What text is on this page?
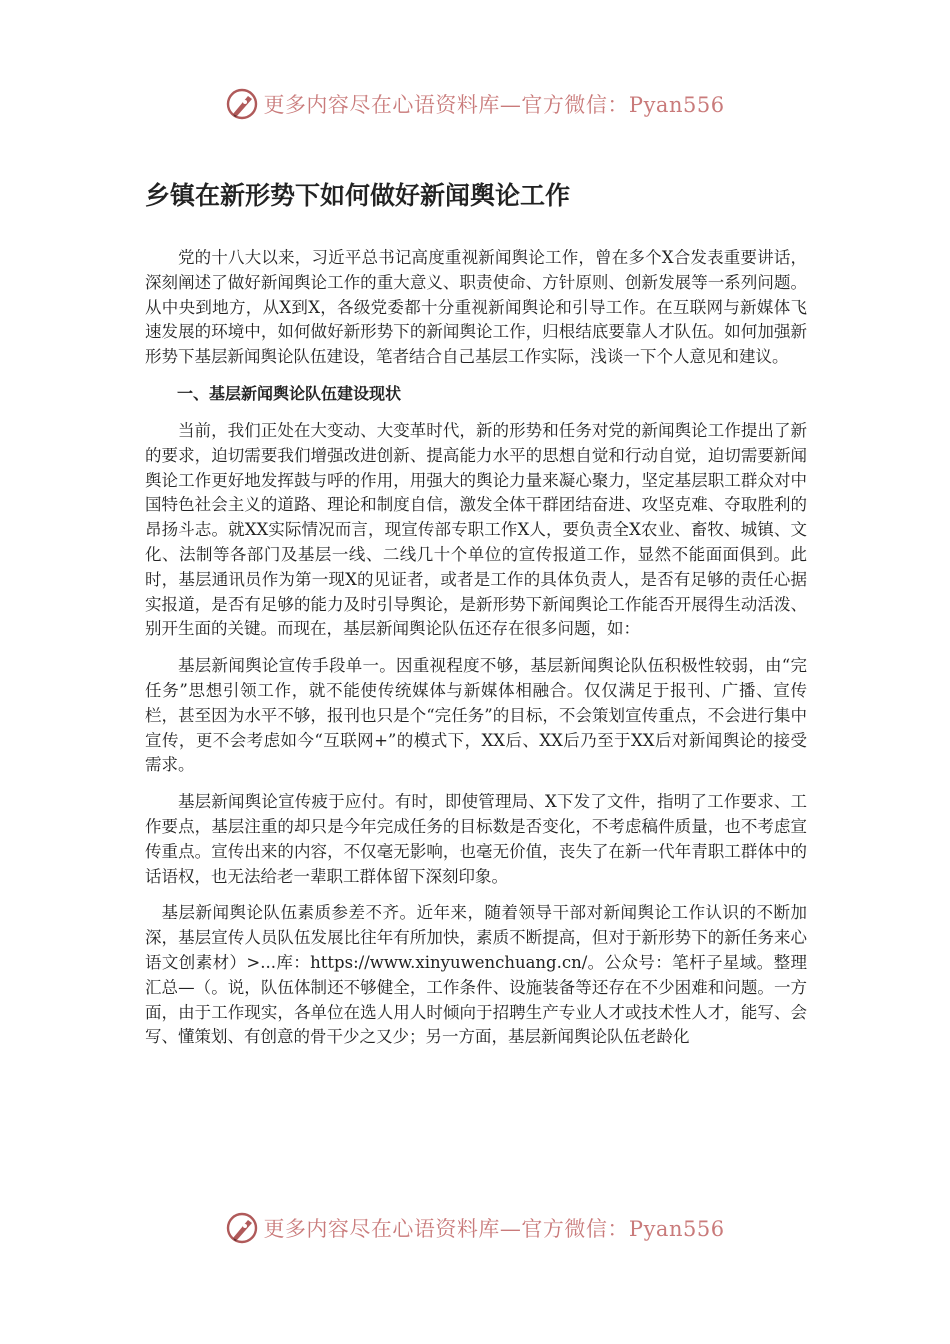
更多内容尽在心语资料库—官方微信：Pyan556
乡镇在新形势下如何做好新闻舆论工作

党的十八大以来，习近平总书记高度重视新闻舆论工作，曾在多个X合发表重要讲话，深刻阐述了做好新闻舆论工作的重大意义、职责使命、方针原则、创新发展等一系列问题。从中央到地方，从X到X，各级党委都十分重视新闻舆论和引导工作。在互联网与新媒体飞速发展的环境中，如何做好新形势下的新闻舆论工作，归根结底要靠人才队伍。如何加强新形势下基层新闻舆论队伍建设，笔者结合自己基层工作实际，浅谈一下个人意见和建议。

一、基层新闻舆论队伍建设现状

当前，我们正处在大变动、大变革时代，新的形势和任务对党的新闻舆论工作提出了新的要求，迫切需要我们增强改进创新、提高能力水平的思想自觉和行动自觉，迫切需要新闻舆论工作更好地发挥鼓与呼的作用，用强大的舆论力量来凝心聚力，坚定基层职工群众对中国特色社会主义的道路、理论和制度自信，激发全体干群团结奋进、攻坚克难、夺取胜利的昂扬斗志。就XX实际情况而言，现宣传部专职工作X人，要负责全X农业、畜牧、城镇、文化、法制等各部门及基层一线、二线几十个单位的宣传报道工作，显然不能面面俱到。此时，基层通讯员作为第一现X的见证者，或者是工作的具体负责人，是否有足够的责任心据实报道，是否有足够的能力及时引导舆论，是新形势下新闻舆论工作能否开展得生动活泼、别开生面的关键。而现在，基层新闻舆论队伍还存在很多问题，如：

基层新闻舆论宣传手段单一。因重视程度不够，基层新闻舆论队伍积极性较弱，由“完任务”思想引领工作，就不能使传统媒体与新媒体相融合。仅仅满足于报刊、广播、宣传栏，甚至因为水平不够，报刊也只是个“完任务”的目标，不会策划宣传重点，不会进行集中宣传，更不会考虑如今“互联网+”的模式下，XX后、XX后乃至于XX后对新闻舆论的接受需求。

基层新闻舆论宣传疲于应付。有时，即使管理局、X下发了文件，指明了工作要求、工作要点，基层注重的却只是今年完成任务的目标数是否变化，不考虑稿件质量，也不考虑宣传重点。宣传出来的内容，不仅毫无影响，也毫无价值，丧失了在新一代年青职工群体中的话语权，也无法给老一辈职工群体留下深刻印象。

基层新闻舆论队伍素质参差不齐。近年来，随着领导干部对新闻舆论工作认识的不断加深，基层宣传人员队伍发展比往年有所加快，素质不断提高，但对于新形势下的新任务来心语文创素材）>...库：https://www.xinyuwenchuang.cn/。公众号：笔杆子星域。整理汇总—（。说，队伍体制还不够健全，工作条件、设施装备等还存在不少困难和问题。一方面，由于工作现实，各单位在选人用人时倾向于招聘生产专业人才或技术性人才，能写、会写、懂策划、有创意的骨干少之又少；另一方面，基层新闻舆论队伍老龄化

更多内容尽在心语资料库—官方微信：Pyan556
